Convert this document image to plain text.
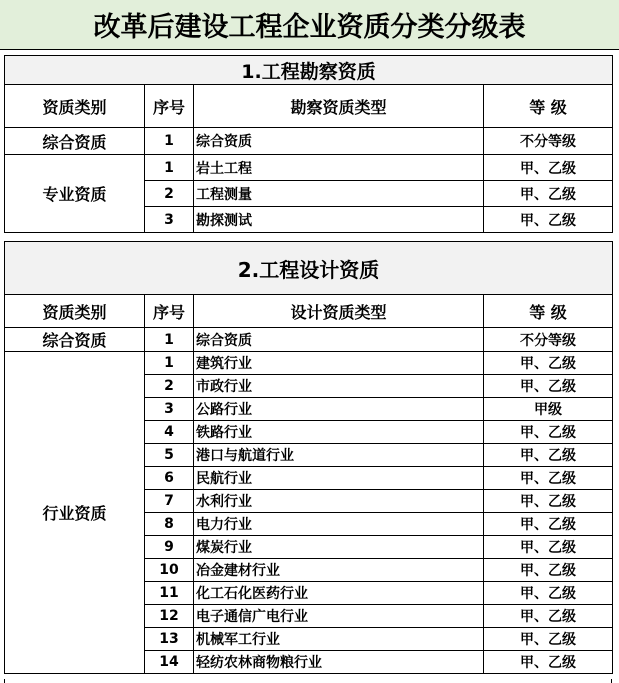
改革后建设工程企业资质分类分级表
1.工程勘察资质			
资质类别	序号	勘察资质类型	等 级
综合资质	1	综合资质	不分等级
专业资质	1	岩土工程	甲、乙级
	2	工程测量	甲、乙级
	3	勘探测试	甲、乙级
2.工程设计资质			
资质类别	序号	设计资质类型	等 级
综合资质	1	综合资质	不分等级
行业资质	1	建筑行业	甲、乙级
	2	市政行业	甲、乙级
	3	公路行业	甲级
	4	铁路行业	甲、乙级
	5	港口与航道行业	甲、乙级
	6	民航行业	甲、乙级
	7	水利行业	甲、乙级
	8	电力行业	甲、乙级
	9	煤炭行业	甲、乙级
	10	冶金建材行业	甲、乙级
	11	化工石化医药行业	甲、乙级
	12	电子通信广电行业	甲、乙级
	13	机械军工行业	甲、乙级
	14	轻纺农林商物粮行业	甲、乙级
